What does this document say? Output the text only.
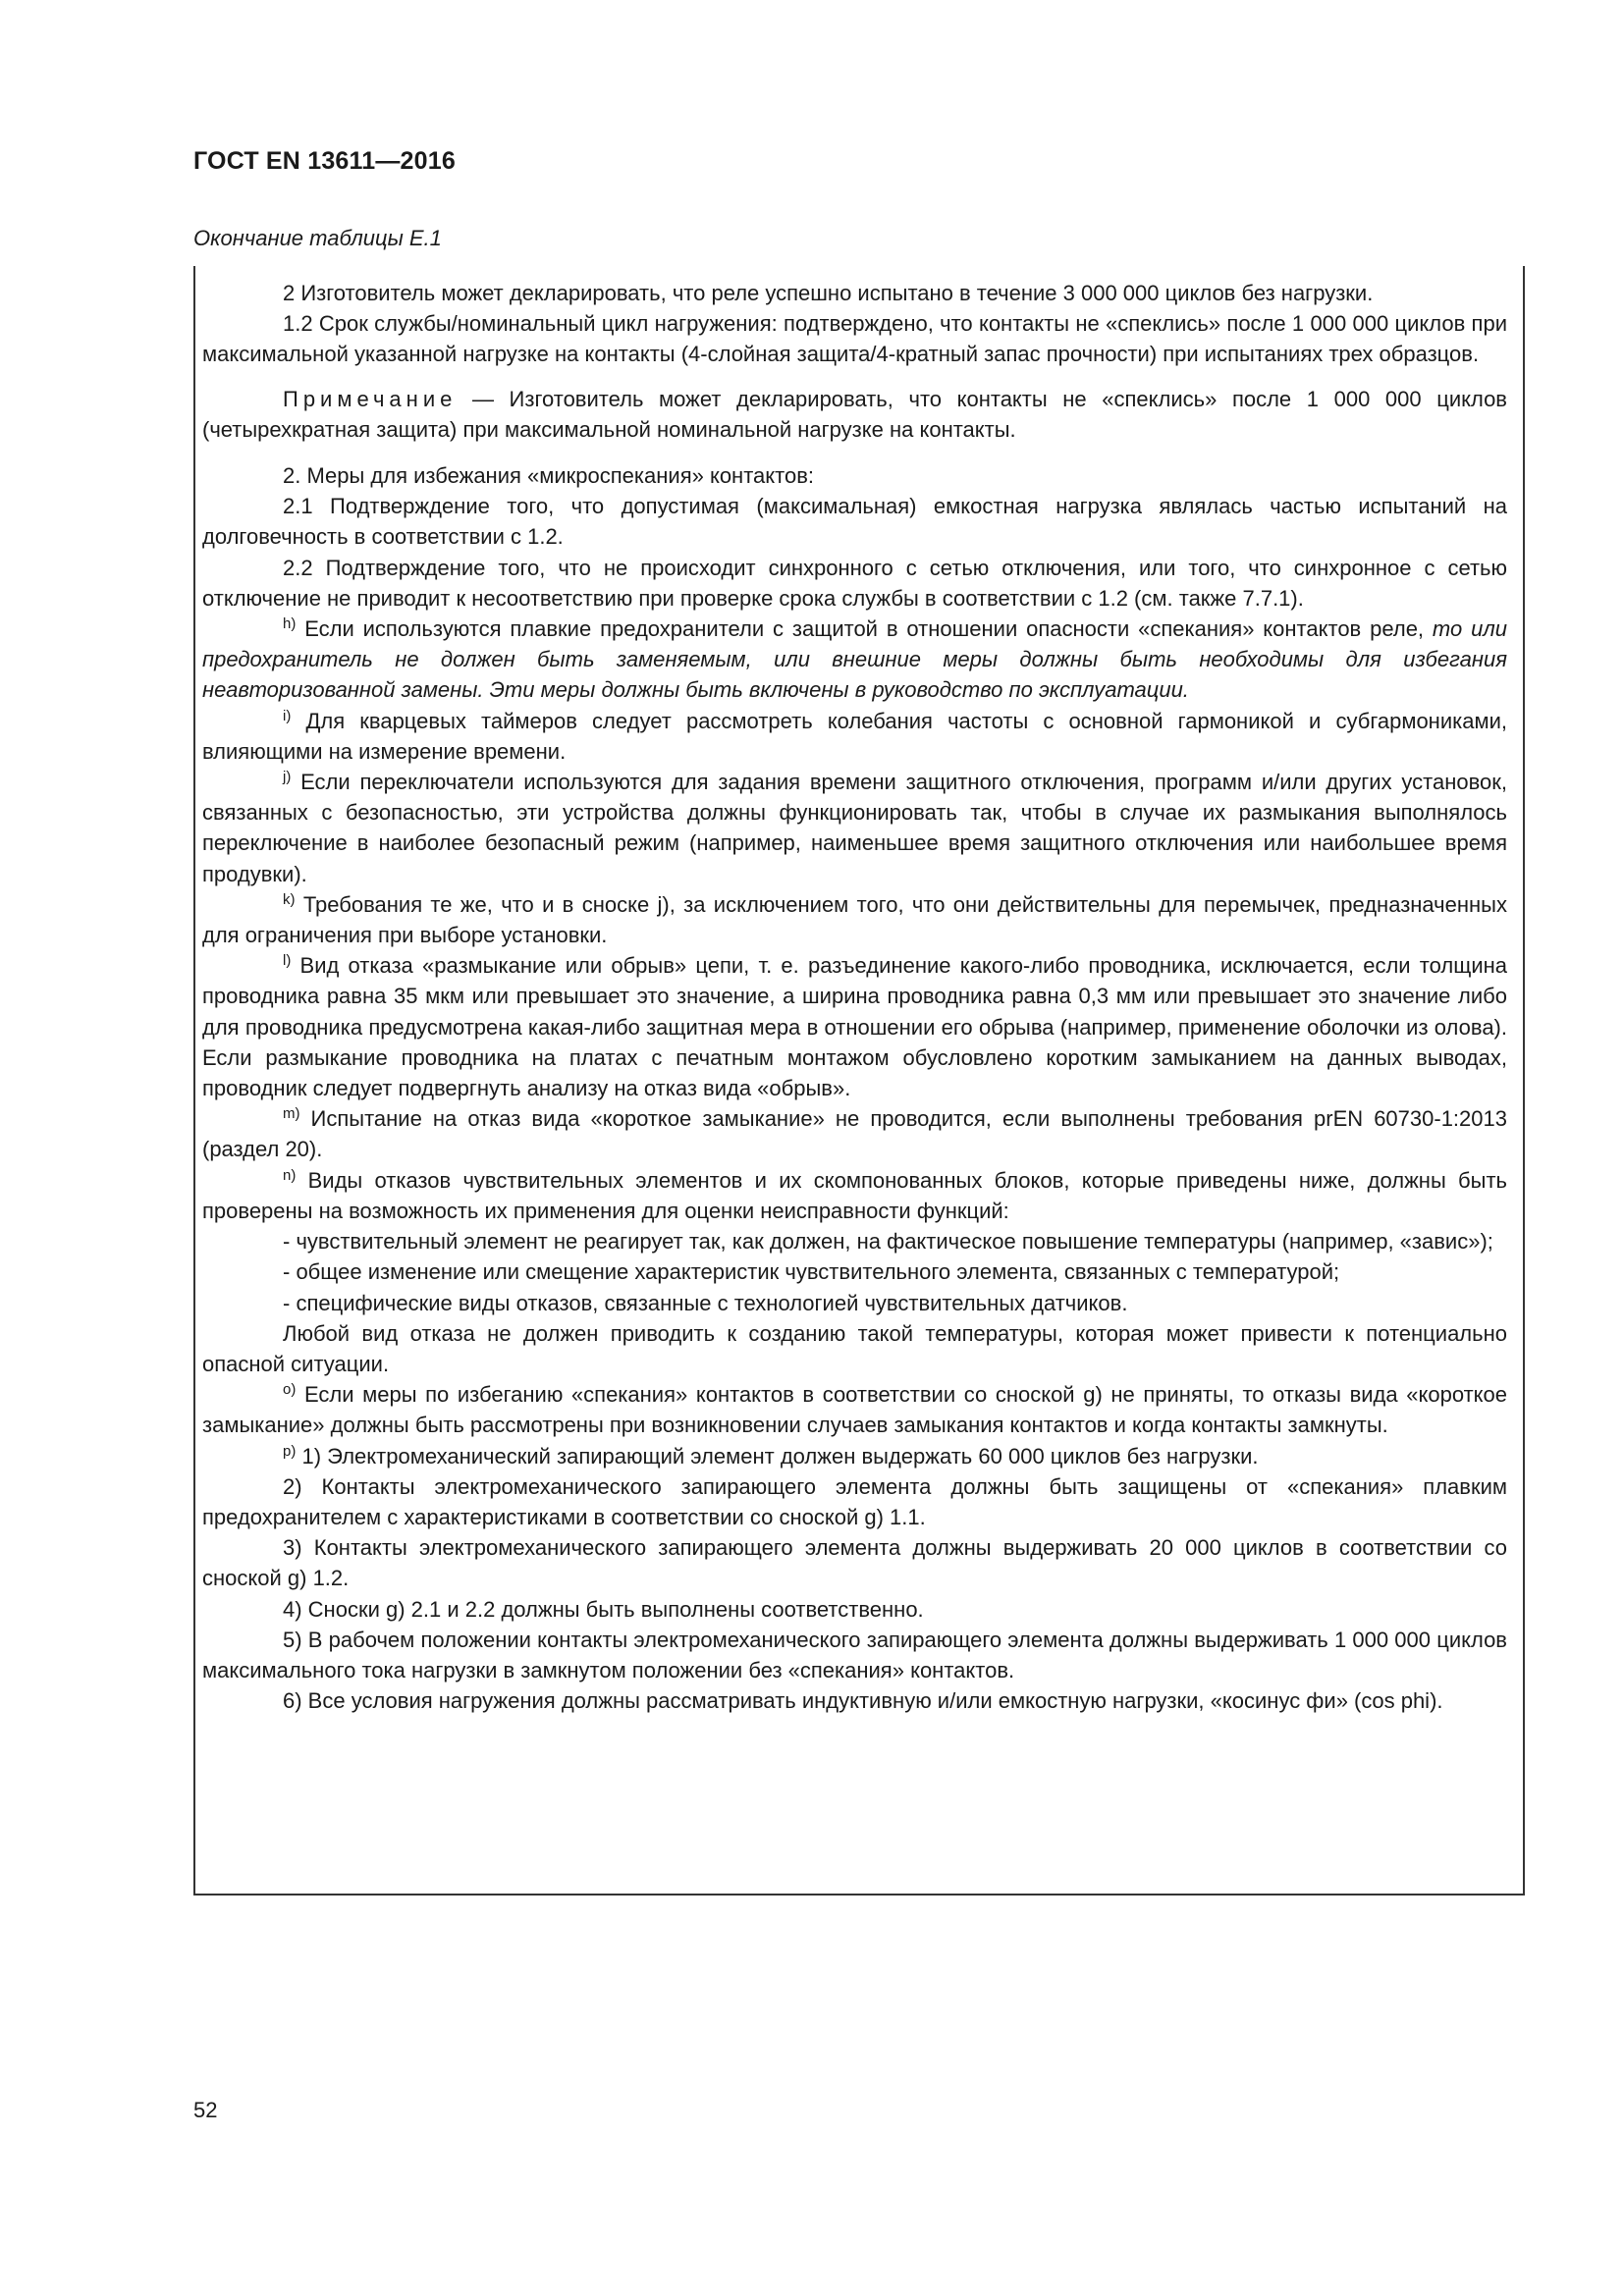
ГОСТ EN 13611—2016
Окончание таблицы Е.1

2 Изготовитель может декларировать, что реле успешно испытано в течение 3 000 000 циклов без нагрузки.

1.2 Срок службы/номинальный цикл нагружения: подтверждено, что контакты не «спеклись» после 1 000 000 циклов при максимальной указанной нагрузке на контакты (4-слойная защита/4-кратный запас прочности) при испытаниях трех образцов.

Примечание — Изготовитель может декларировать, что контакты не «спеклись» после 1 000 000 циклов (четырехкратная защита) при максимальной номинальной нагрузке на контакты.

2. Меры для избежания «микроспекания» контактов:

2.1 Подтверждение того, что допустимая (максимальная) емкостная нагрузка являлась частью испытаний на долговечность в соответствии с 1.2.

2.2 Подтверждение того, что не происходит синхронного с сетью отключения, или того, что синхронное с сетью отключение не приводит к несоответствию при проверке срока службы в соответствии с 1.2 (см. также 7.7.1).

$^{h)}$ Если используются плавкие предохранители с защитой в отношении опасности «спекания» контактов реле, то или предохранитель не должен быть заменяемым, или внешние меры должны быть необходимы для избегания неавторизованной замены. Эти меры должны быть включены в руководство по эксплуатации.

$^{i)}$ Для кварцевых таймеров следует рассмотреть колебания частоты с основной гармоникой и субгармониками, влияющими на измерение времени.

$^{j)}$ Если переключатели используются для задания времени защитного отключения, программ и/или других установок, связанных с безопасностью, эти устройства должны функционировать так, чтобы в случае их размыкания выполнялось переключение в наиболее безопасный режим (например, наименьшее время защитного отключения или наибольшее время продувки).

$^{k)}$ Требования те же, что и в сноске j), за исключением того, что они действительны для перемычек, предназначенных для ограничения при выборе установки.

$^{l)}$ Вид отказа «размыкание или обрыв» цепи, т. е. разъединение какого-либо проводника, исключается, если толщина проводника равна 35 мкм или превышает это значение, а ширина проводника равна 0,3 мм или превышает это значение либо для проводника предусмотрена какая-либо защитная мера в отношении его обрыва (например, применение оболочки из олова). Если размыкание проводника на платах с печатным монтажом обусловлено коротким замыканием на данных выводах, проводник следует подвергнуть анализу на отказ вида «обрыв».

$^{m)}$ Испытание на отказ вида «короткое замыкание» не проводится, если выполнены требования prEN 60730-1:2013 (раздел 20).

$^{n)}$ Виды отказов чувствительных элементов и их скомпонованных блоков, которые приведены ниже, должны быть проверены на возможность их применения для оценки неисправности функций:

- чувствительный элемент не реагирует так, как должен, на фактическое повышение температуры (например, «завис»);

- общее изменение или смещение характеристик чувствительного элемента, связанных с температурой;

- специфические виды отказов, связанные с технологией чувствительных датчиков.

Любой вид отказа не должен приводить к созданию такой температуры, которая может привести к потенциально опасной ситуации.

$^{o)}$ Если меры по избеганию «спекания» контактов в соответствии со сноской g) не приняты, то отказы вида «короткое замыкание» должны быть рассмотрены при возникновении случаев замыкания контактов и когда контакты замкнуты.

$^{p)}$ 1) Электромеханический запирающий элемент должен выдержать 60 000 циклов без нагрузки.

2) Контакты электромеханического запирающего элемента должны быть защищены от «спекания» плавким предохранителем с характеристиками в соответствии со сноской g) 1.1.

3) Контакты электромеханического запирающего элемента должны выдерживать 20 000 циклов в соответствии со сноской g) 1.2.

4) Сноски g) 2.1 и 2.2 должны быть выполнены соответственно.

5) В рабочем положении контакты электромеханического запирающего элемента должны выдерживать 1 000 000 циклов максимального тока нагрузки в замкнутом положении без «спекания» контактов.

6) Все условия нагружения должны рассматривать индуктивную и/или емкостную нагрузки, «косинус фи» (cos phi).

52
